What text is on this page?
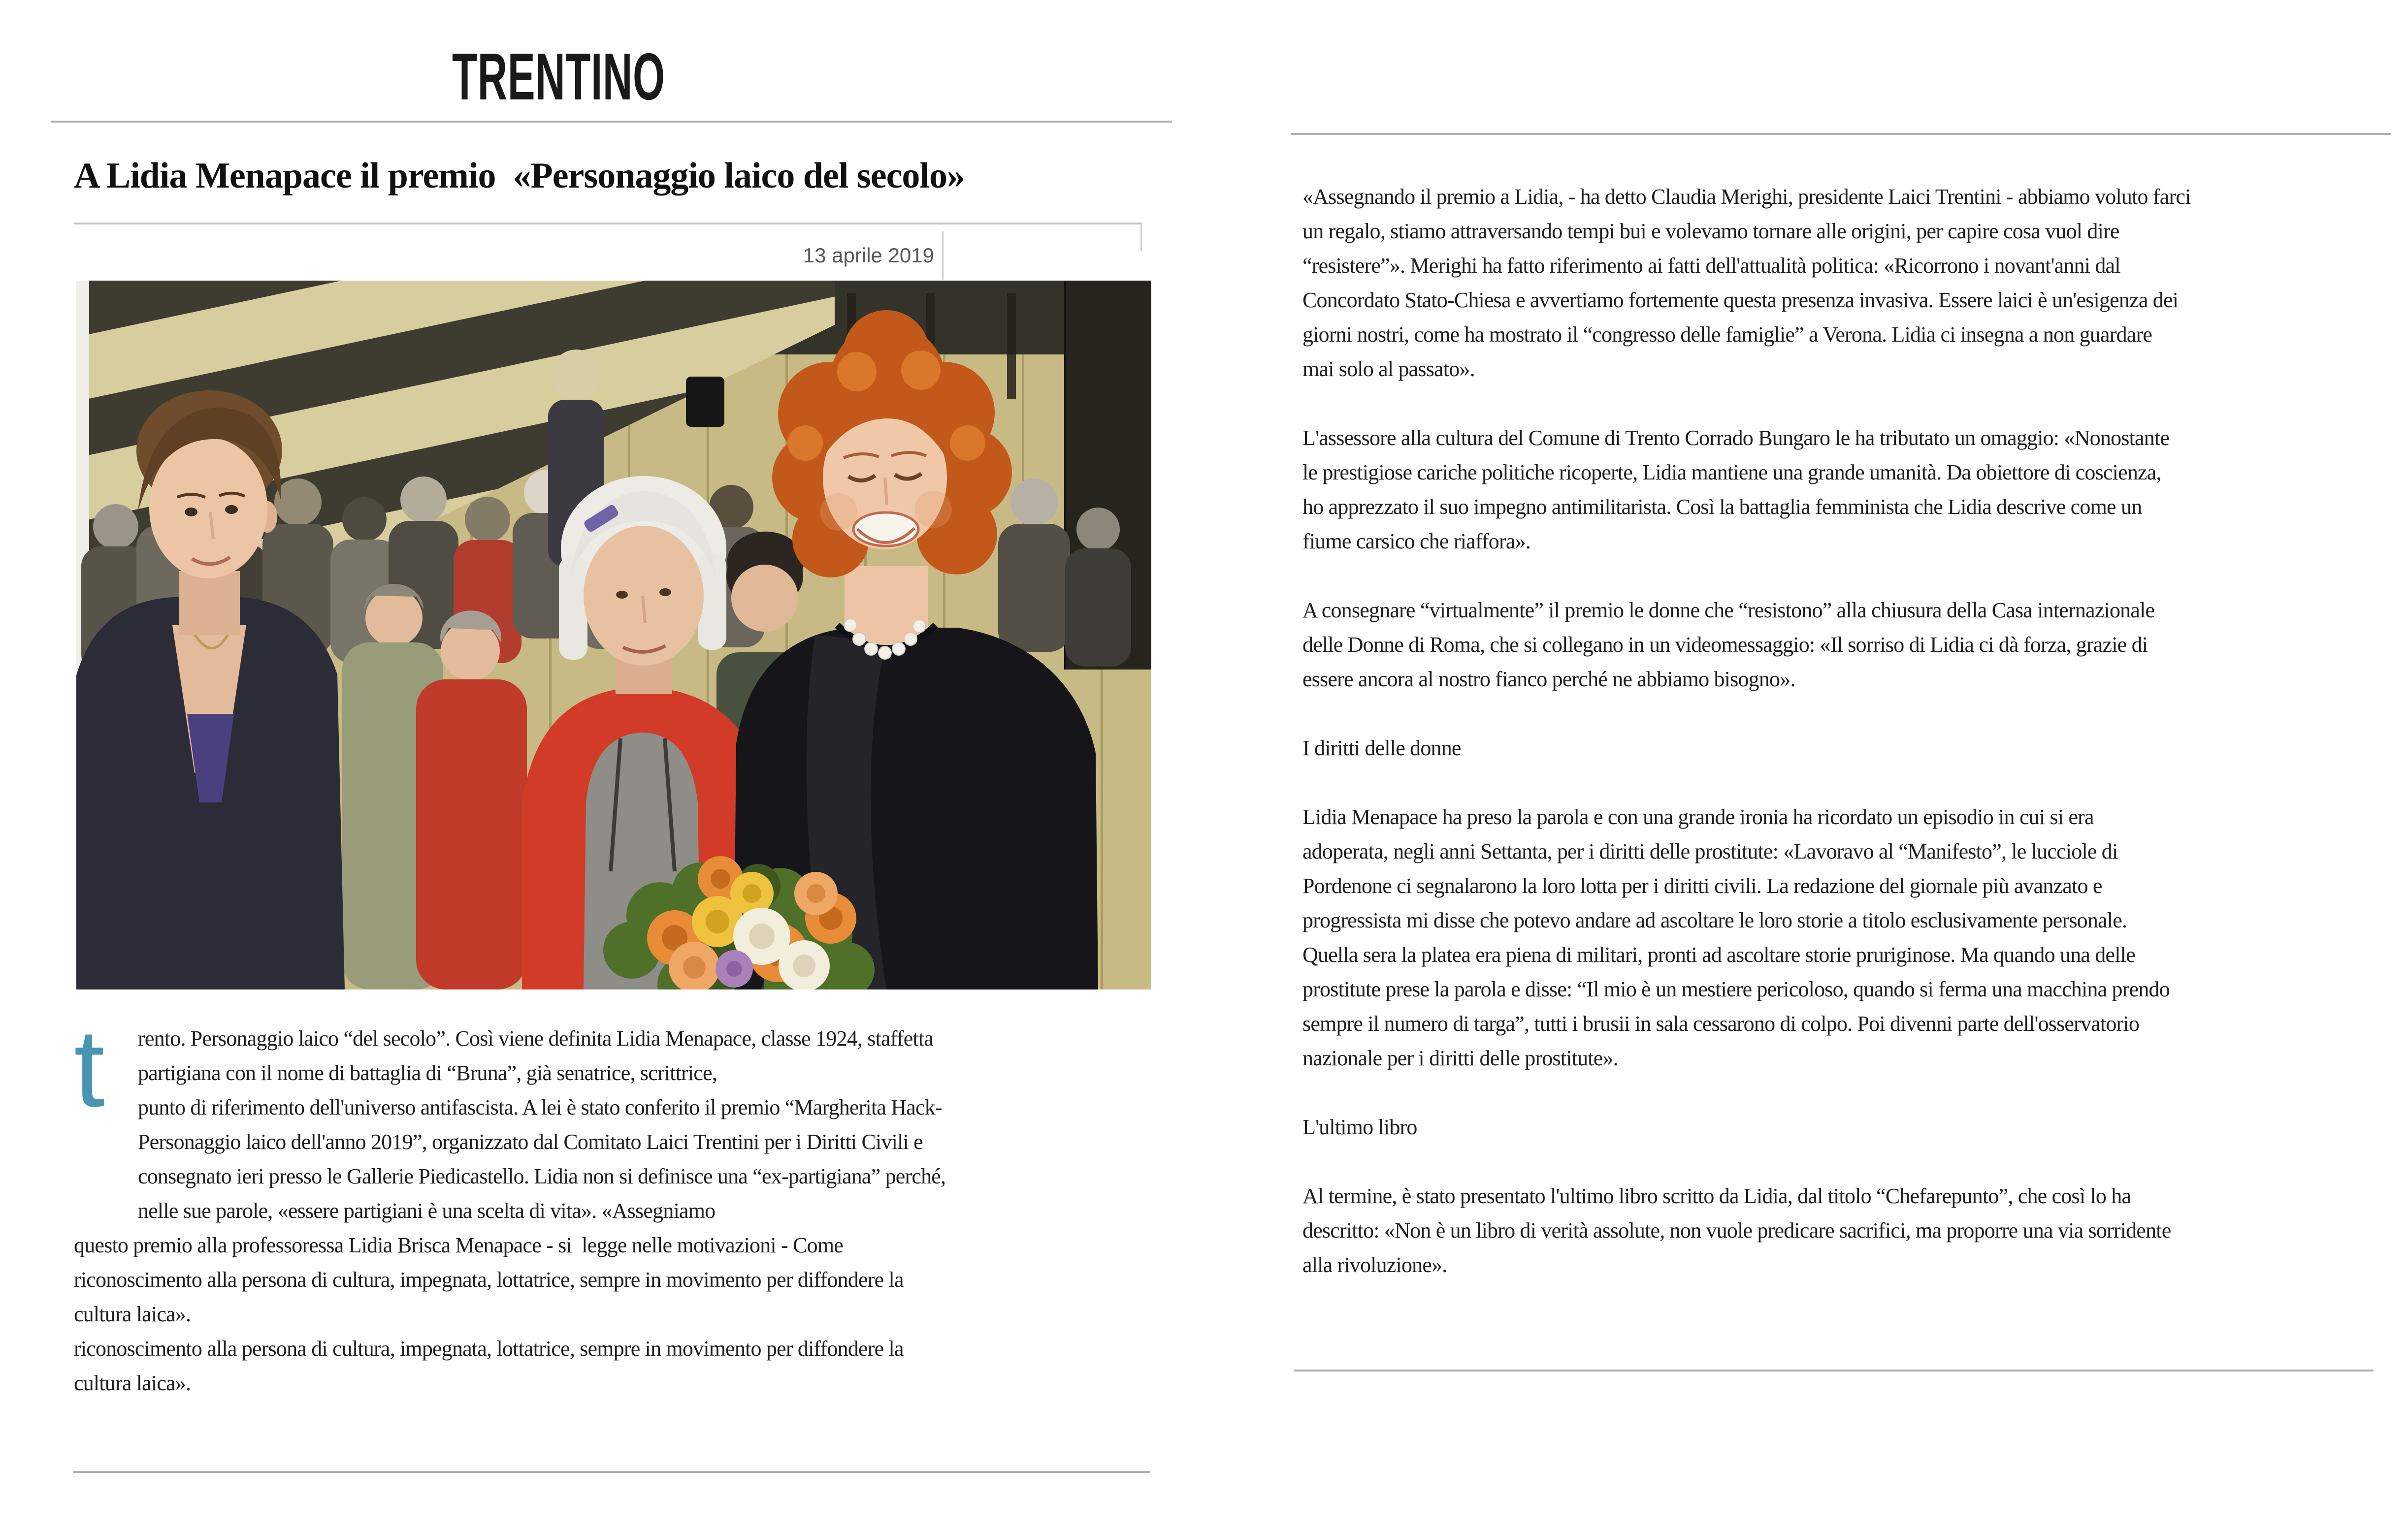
TRENTINO
A Lidia Menapace il premio  «Personaggio laico del secolo»
13 aprile 2019
t	rento. Personaggio laico “del secolo”. Così viene definita Lidia Menapace, classe 1924, staffetta
partigiana con il nome di battaglia di “Bruna”, già senatrice, scrittrice,
punto di riferimento dell'universo antifascista. A lei è stato conferito il premio “Margherita Hack-
Personaggio laico dell'anno 2019”, organizzato dal Comitato Laici Trentini per i Diritti Civili e
consegnato ieri presso le Gallerie Piedicastello. Lidia non si definisce una “ex-partigiana” perché,
nelle sue parole, «essere partigiani è una scelta di vita». «Assegniamo

questo premio alla professoressa Lidia Brisca Menapace - si  legge nelle motivazioni - Come
riconoscimento alla persona di cultura, impegnata, lottatrice, sempre in movimento per diffondere la
cultura laica».

riconoscimento alla persona di cultura, impegnata, lottatrice, sempre in movimento per diffondere la
cultura laica».

«Assegnando il premio a Lidia, - ha detto Claudia Merighi, presidente Laici Trentini - abbiamo voluto farci
un regalo, stiamo attraversando tempi bui e volevamo tornare alle origini, per capire cosa vuol dire
“resistere”». Merighi ha fatto riferimento ai fatti dell'attualità politica: «Ricorrono i novant'anni dal
Concordato Stato-Chiesa e avvertiamo fortemente questa presenza invasiva. Essere laici è un'esigenza dei
giorni nostri, come ha mostrato il “congresso delle famiglie” a Verona. Lidia ci insegna a non guardare
mai solo al passato».

L'assessore alla cultura del Comune di Trento Corrado Bungaro le ha tributato un omaggio: «Nonostante
le prestigiose cariche politiche ricoperte, Lidia mantiene una grande umanità. Da obiettore di coscienza,
ho apprezzato il suo impegno antimilitarista. Così la battaglia femminista che Lidia descrive come un
fiume carsico che riaffora».

A consegnare “virtualmente” il premio le donne che “resistono” alla chiusura della Casa internazionale
delle Donne di Roma, che si collegano in un videomessaggio: «Il sorriso di Lidia ci dà forza, grazie di
essere ancora al nostro fianco perché ne abbiamo bisogno».

I diritti delle donne

Lidia Menapace ha preso la parola e con una grande ironia ha ricordato un episodio in cui si era
adoperata, negli anni Settanta, per i diritti delle prostitute: «Lavoravo al “Manifesto”, le lucciole di
Pordenone ci segnalarono la loro lotta per i diritti civili. La redazione del giornale più avanzato e
progressista mi disse che potevo andare ad ascoltare le loro storie a titolo esclusivamente personale.
Quella sera la platea era piena di militari, pronti ad ascoltare storie pruriginose. Ma quando una delle
prostitute prese la parola e disse: “Il mio è un mestiere pericoloso, quando si ferma una macchina prendo
sempre il numero di targa”, tutti i brusii in sala cessarono di colpo. Poi divenni parte dell'osservatorio
nazionale per i diritti delle prostitute».

L'ultimo libro

Al termine, è stato presentato l'ultimo libro scritto da Lidia, dal titolo “Chefarepunto”, che così lo ha
descritto: «Non è un libro di verità assolute, non vuole predicare sacrifici, ma proporre una via sorridente
alla rivoluzione».
